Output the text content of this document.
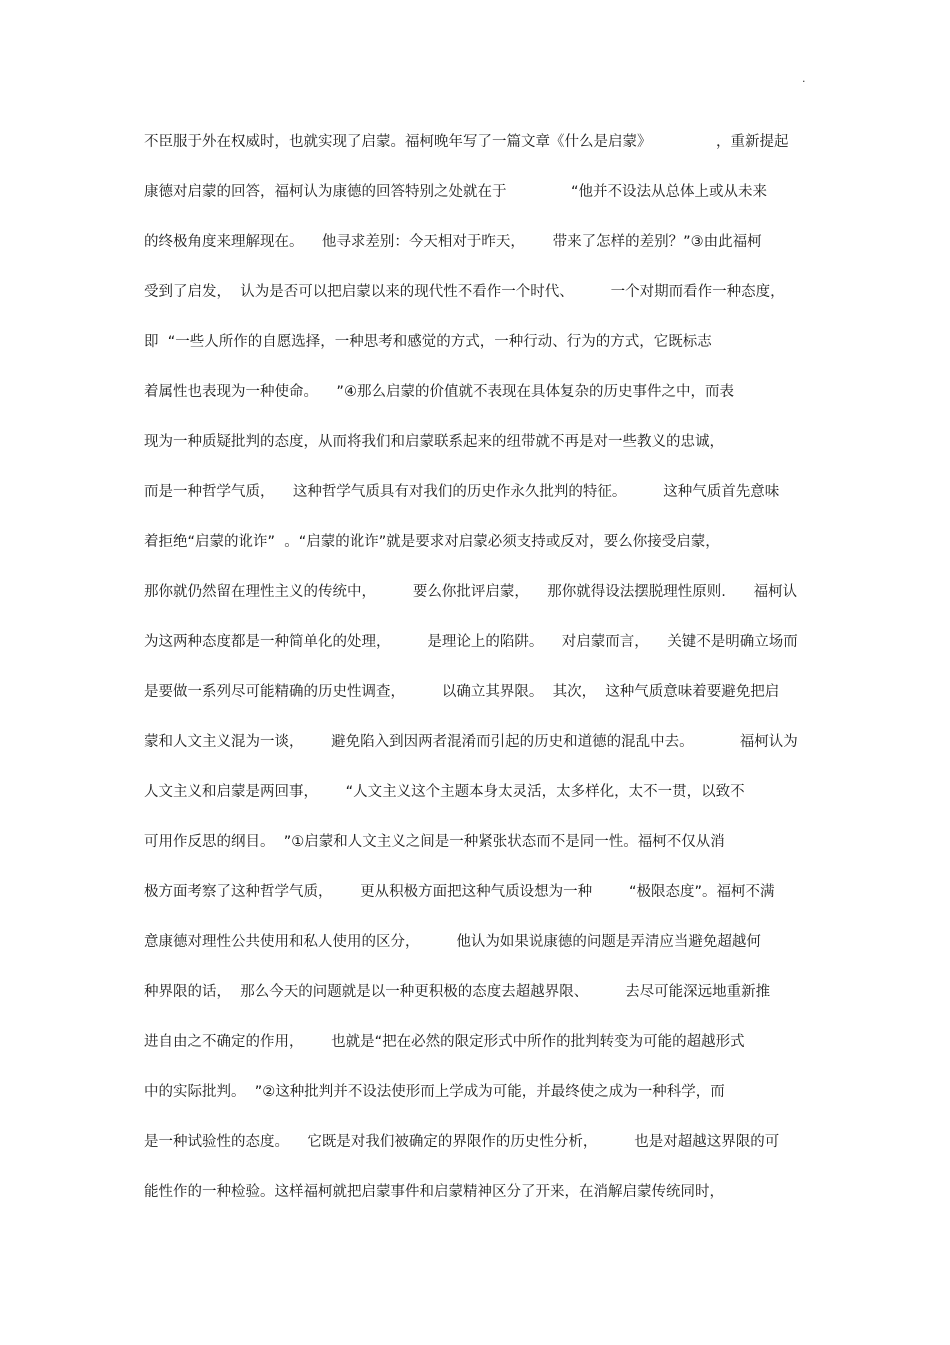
.
不臣服于外在权威时，也就实现了启蒙。福柯晚年写了一篇文章《什么是启蒙》              ，重新提起
康德对启蒙的回答，福柯认为康德的回答特别之处就在于              “他并不设法从总体上或从未来
的终极角度来理解现在。    他寻求差别：今天相对于昨天，      带来了怎样的差别？”③由此福柯
受到了启发，  认为是否可以把启蒙以来的现代性不看作一个时代、        一个对期而看作一种态度，
即  “一些人所作的自愿选择，一种思考和感觉的方式，一种行动、行为的方式，它既标志
着属性也表现为一种使命。    ”④那么启蒙的价值就不表现在具体复杂的历史事件之中，而表
现为一种质疑批判的态度，从而将我们和启蒙联系起来的纽带就不再是对一些教义的忠诚，
而是一种哲学气质，    这种哲学气质具有对我们的历史作永久批判的特征。        这种气质首先意味
着拒绝“启蒙的讹诈”  。“启蒙的讹诈”就是要求对启蒙必须支持或反对，要么你接受启蒙，
那你就仍然留在理性主义的传统中，        要么你批评启蒙，    那你就得设法摆脱理性原则.      福柯认
为这两种态度都是一种简单化的处理，        是理论上的陷阱。    对启蒙而言，    关键不是明确立场而
是要做一系列尽可能精确的历史性调查，        以确立其界限。  其次，  这种气质意味着要避免把启
蒙和人文主义混为一谈，      避免陷入到因两者混淆而引起的历史和道德的混乱中去。          福柯认为
人文主义和启蒙是两回事，      “人文主义这个主题本身太灵活，太多样化，太不一贯，以致不
可用作反思的纲目。  ”①启蒙和人文主义之间是一种紧张状态而不是同一性。福柯不仅从消
极方面考察了这种哲学气质，      更从积极方面把这种气质设想为一种        “极限态度”。福柯不满
意康德对理性公共使用和私人使用的区分，        他认为如果说康德的问题是弄清应当避免超越何
种界限的话，  那么今天的问题就是以一种更积极的态度去超越界限、        去尽可能深远地重新推
进自由之不确定的作用，      也就是“把在必然的限定形式中所作的批判转变为可能的超越形式
中的实际批判。  ”②这种批判并不设法使形而上学成为可能，并最终使之成为一种科学，而
是一种试验性的态度。    它既是对我们被确定的界限作的历史性分析，        也是对超越这界限的可
能性作的一种检验。这样福柯就把启蒙事件和启蒙精神区分了开来，在消解启蒙传统同时，
